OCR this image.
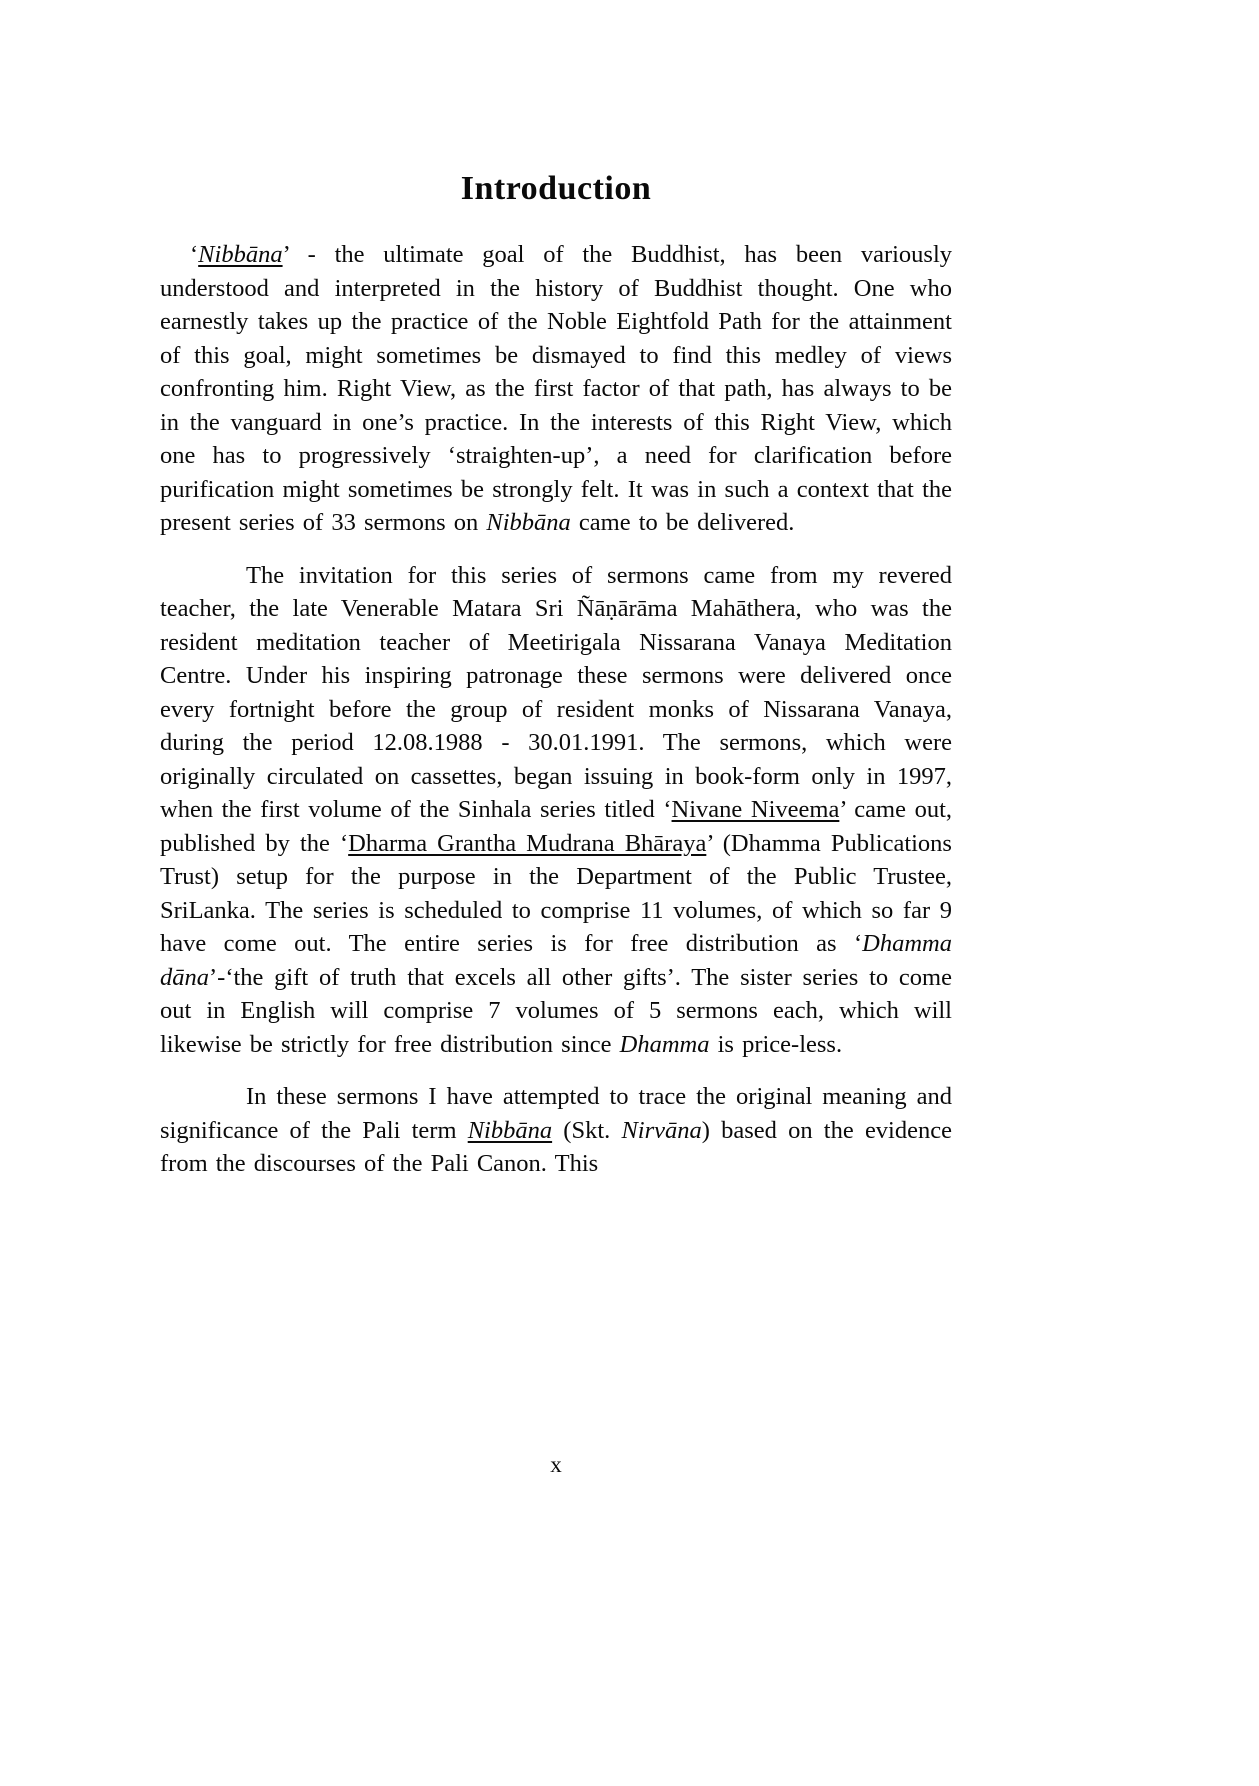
Introduction

‘Nibbāna’ - the ultimate goal of the Buddhist, has been variously understood and interpreted in the history of Buddhist thought. One who earnestly takes up the practice of the Noble Eightfold Path for the attainment of this goal, might sometimes be dismayed to find this medley of views confronting him. Right View, as the first factor of that path, has always to be in the vanguard in one’s practice. In the interests of this Right View, which one has to progressively ‘straighten-up’, a need for clarification before purification might sometimes be strongly felt. It was in such a context that the present series of 33 sermons on Nibbāna came to be delivered.

The invitation for this series of sermons came from my revered teacher, the late Venerable Matara Sri Ñāṇārāma Mahāthera, who was the resident meditation teacher of Meetirigala Nissarana Vanaya Meditation Centre. Under his inspiring patronage these sermons were delivered once every fortnight before the group of resident monks of Nissarana Vanaya, during the period 12.08.1988 - 30.01.1991. The sermons, which were originally circulated on cassettes, began issuing in book-form only in 1997, when the first volume of the Sinhala series titled ‘Nivane Niveema’ came out, published by the ‘Dharma Grantha Mudrana Bhāraya’ (Dhamma Publications Trust) setup for the purpose in the Department of the Public Trustee, SriLanka. The series is scheduled to comprise 11 volumes, of which so far 9 have come out. The entire series is for free distribution as ‘Dhamma dāna’-‘the gift of truth that excels all other gifts’. The sister series to come out in English will comprise 7 volumes of 5 sermons each, which will likewise be strictly for free distribution since Dhamma is price-less.

In these sermons I have attempted to trace the original meaning and significance of the Pali term Nibbāna (Skt. Nirvāna) based on the evidence from the discourses of the Pali Canon. This

x
